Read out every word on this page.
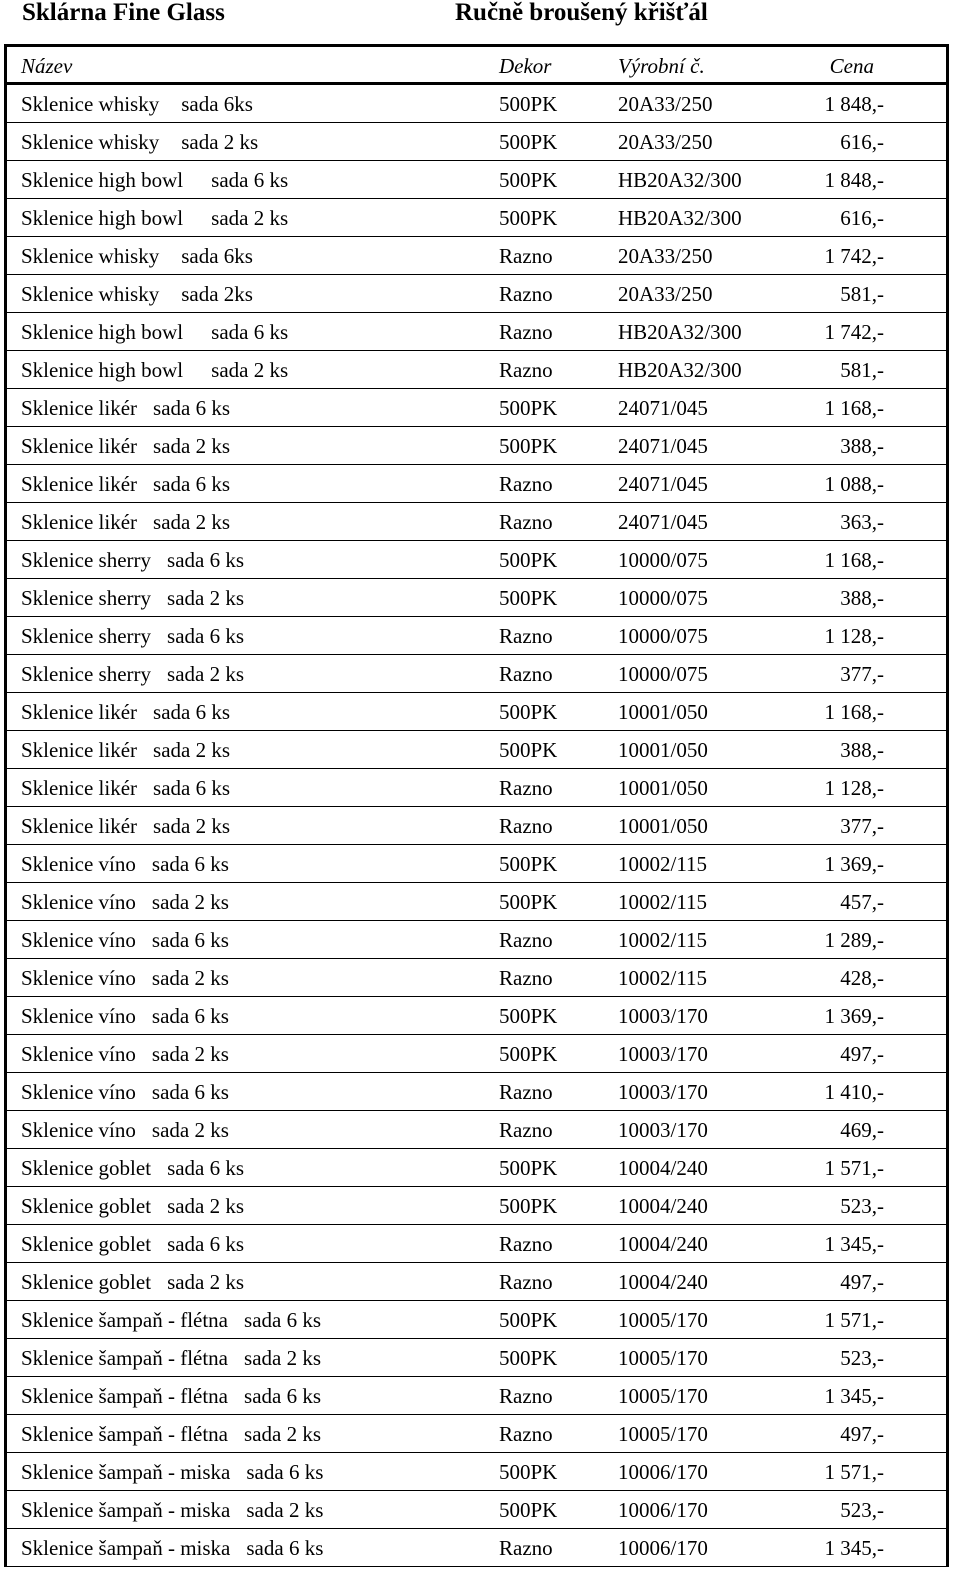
Sklárna Fine Glass	Ručně broušený křišťál
Název	Dekor	Výrobní č.	Cena
Sklenice whisky sada 6ks	500PK	20A33/250	1 848,-
Sklenice whisky sada 2 ks	500PK	20A33/250	616,-
Sklenice high bowl sada 6 ks	500PK	HB20A32/300	1 848,-
Sklenice high bowl sada 2 ks	500PK	HB20A32/300	616,-
Sklenice whisky sada 6ks	Razno	20A33/250	1 742,-
Sklenice whisky sada 2ks	Razno	20A33/250	581,-
Sklenice high bowl sada 6 ks	Razno	HB20A32/300	1 742,-
Sklenice high bowl sada 2 ks	Razno	HB20A32/300	581,-
Sklenice likér sada 6 ks	500PK	24071/045	1 168,-
Sklenice likér sada 2 ks	500PK	24071/045	388,-
Sklenice likér sada 6 ks	Razno	24071/045	1 088,-
Sklenice likér sada 2 ks	Razno	24071/045	363,-
Sklenice sherry sada 6 ks	500PK	10000/075	1 168,-
Sklenice sherry sada 2 ks	500PK	10000/075	388,-
Sklenice sherry sada 6 ks	Razno	10000/075	1 128,-
Sklenice sherry sada 2 ks	Razno	10000/075	377,-
Sklenice likér sada 6 ks	500PK	10001/050	1 168,-
Sklenice likér sada 2 ks	500PK	10001/050	388,-
Sklenice likér sada 6 ks	Razno	10001/050	1 128,-
Sklenice likér sada 2 ks	Razno	10001/050	377,-
Sklenice víno sada 6 ks	500PK	10002/115	1 369,-
Sklenice víno sada 2 ks	500PK	10002/115	457,-
Sklenice víno sada 6 ks	Razno	10002/115	1 289,-
Sklenice víno sada 2 ks	Razno	10002/115	428,-
Sklenice víno sada 6 ks	500PK	10003/170	1 369,-
Sklenice víno sada 2 ks	500PK	10003/170	497,-
Sklenice víno sada 6 ks	Razno	10003/170	1 410,-
Sklenice víno sada 2 ks	Razno	10003/170	469,-
Sklenice goblet sada 6 ks	500PK	10004/240	1 571,-
Sklenice goblet sada 2 ks	500PK	10004/240	523,-
Sklenice goblet sada 6 ks	Razno	10004/240	1 345,-
Sklenice goblet sada 2 ks	Razno	10004/240	497,-
Sklenice šampaň - flétna sada 6 ks	500PK	10005/170	1 571,-
Sklenice šampaň - flétna sada 2 ks	500PK	10005/170	523,-
Sklenice šampaň - flétna sada 6 ks	Razno	10005/170	1 345,-
Sklenice šampaň - flétna sada 2 ks	Razno	10005/170	497,-
Sklenice šampaň - miska sada 6 ks	500PK	10006/170	1 571,-
Sklenice šampaň - miska sada 2 ks	500PK	10006/170	523,-
Sklenice šampaň - miska sada 6 ks	Razno	10006/170	1 345,-
